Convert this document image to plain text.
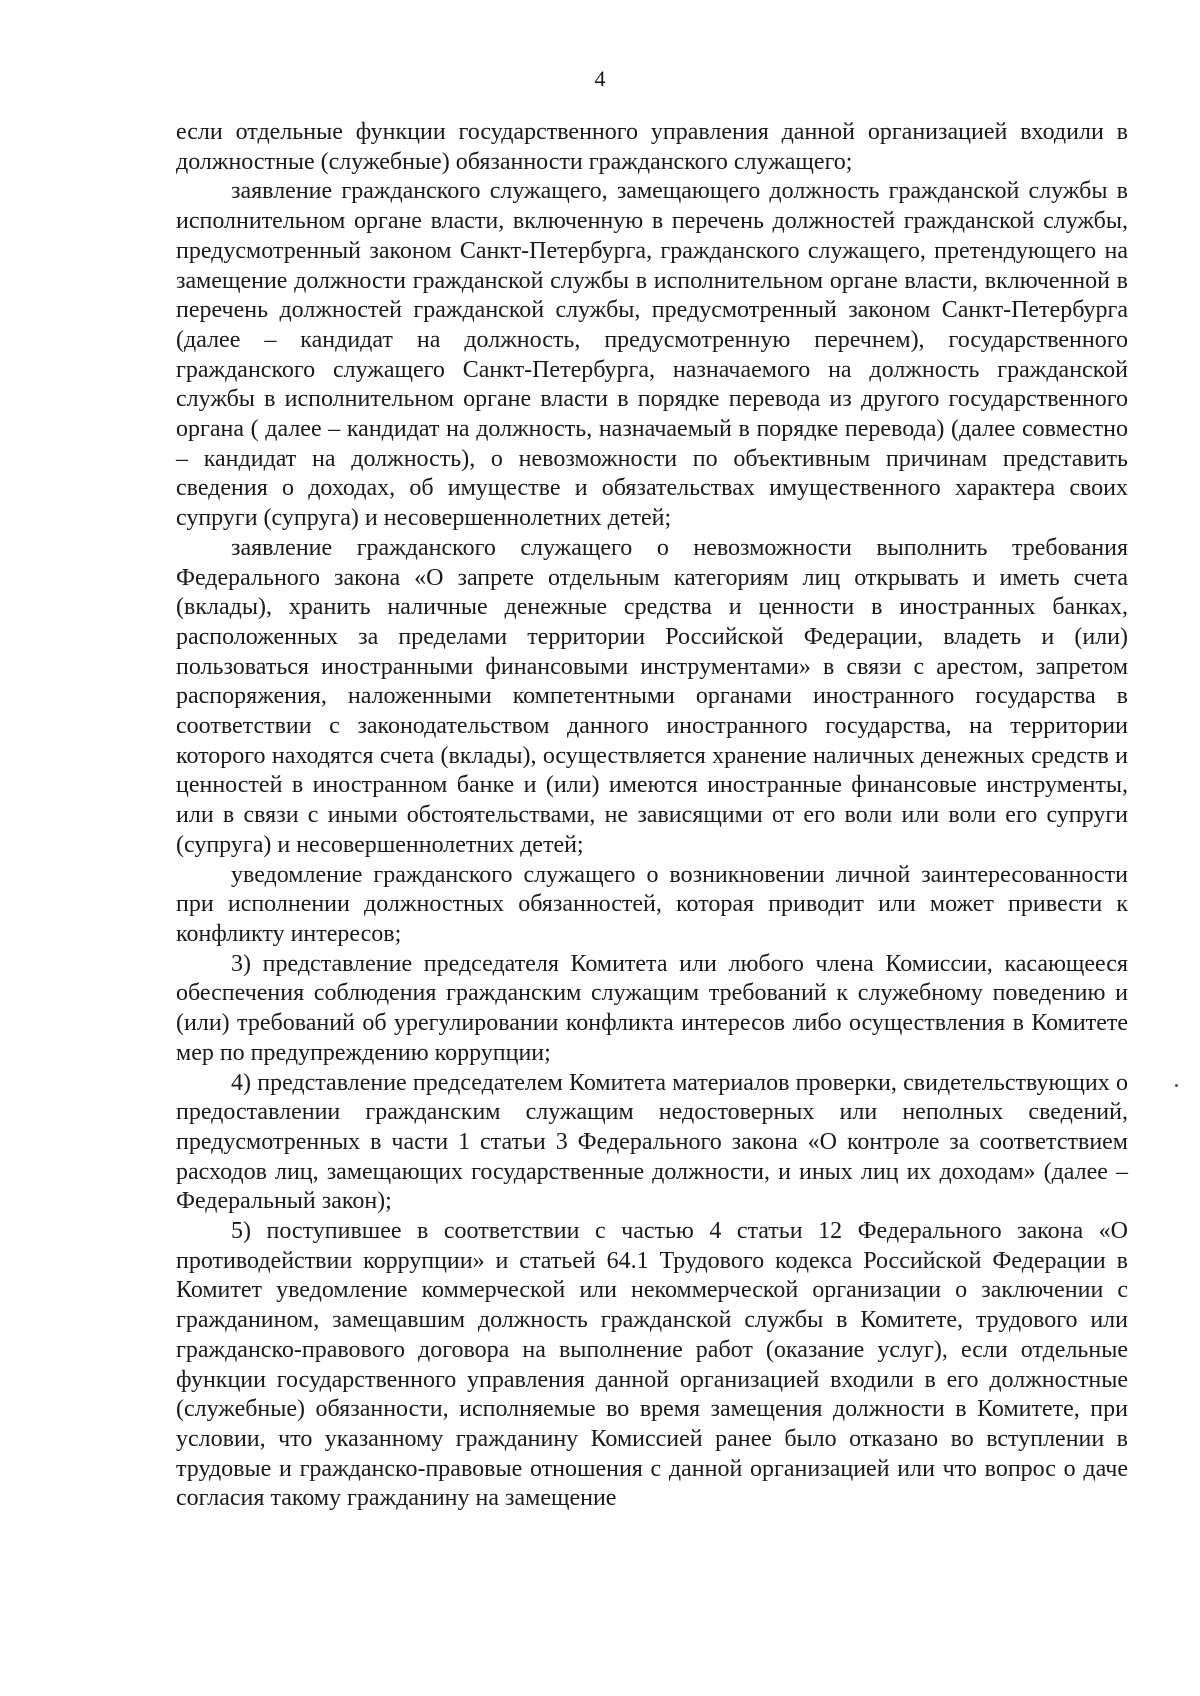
4

если отдельные функции государственного управления данной организацией входили в должностные (служебные) обязанности гражданского служащего;

заявление гражданского служащего, замещающего должность гражданской службы в исполнительном органе власти, включенную в перечень должностей гражданской службы, предусмотренный законом Санкт-Петербурга, гражданского служащего, претендующего на замещение должности гражданской службы в исполнительном органе власти, включенной в перечень должностей гражданской службы, предусмотренный законом Санкт-Петербурга (далее – кандидат на должность, предусмотренную перечнем), государственного гражданского служащего Санкт-Петербурга, назначаемого на должность гражданской службы в исполнительном органе власти в порядке перевода из другого государственного органа ( далее – кандидат на должность, назначаемый в порядке перевода) (далее совместно – кандидат на должность), о невозможности по объективным причинам представить сведения о доходах, об имуществе и обязательствах имущественного характера своих супруги (супруга) и несовершеннолетних детей;

заявление гражданского служащего о невозможности выполнить требования Федерального закона «О запрете отдельным категориям лиц открывать и иметь счета (вклады), хранить наличные денежные средства и ценности в иностранных банках, расположенных за пределами территории Российской Федерации, владеть и (или) пользоваться иностранными финансовыми инструментами» в связи с арестом, запретом распоряжения, наложенными компетентными органами иностранного государства в соответствии с законодательством данного иностранного государства, на территории которого находятся счета (вклады), осуществляется хранение наличных денежных средств и ценностей в иностранном банке и (или) имеются иностранные финансовые инструменты, или в связи с иными обстоятельствами, не зависящими от его воли или воли его супруги (супруга) и несовершеннолетних детей;

уведомление гражданского служащего о возникновении личной заинтересованности при исполнении должностных обязанностей, которая приводит или может привести к конфликту интересов;

3) представление председателя Комитета или любого члена Комиссии, касающееся обеспечения соблюдения гражданским служащим требований к служебному поведению и (или) требований об урегулировании конфликта интересов либо осуществления в Комитете мер по предупреждению коррупции;

4) представление председателем Комитета материалов проверки, свидетельствующих о предоставлении гражданским служащим недостоверных или неполных сведений, предусмотренных в части 1 статьи 3 Федерального закона «О контроле за соответствием расходов лиц, замещающих государственные должности, и иных лиц их доходам» (далее – Федеральный закон);

5) поступившее в соответствии с частью 4 статьи 12 Федерального закона «О противодействии коррупции» и статьей 64.1 Трудового кодекса Российской Федерации в Комитет уведомление коммерческой или некоммерческой организации о заключении с гражданином, замещавшим должность гражданской службы в Комитете, трудового или гражданско-правового договора на выполнение работ (оказание услуг), если отдельные функции государственного управления данной организацией входили в его должностные (служебные) обязанности, исполняемые во время замещения должности в Комитете, при условии, что указанному гражданину Комиссией ранее было отказано во вступлении в трудовые и гражданско-правовые отношения с данной организацией или что вопрос о даче согласия такому гражданину на замещение
